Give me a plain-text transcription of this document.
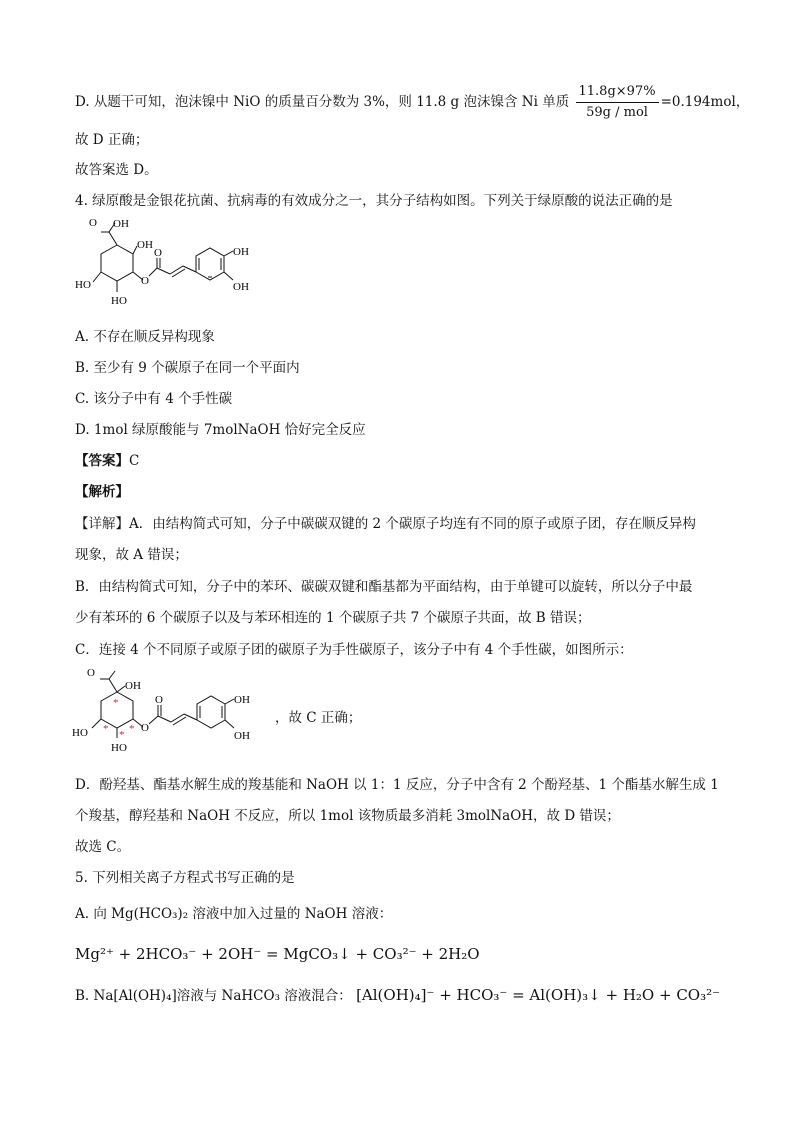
D. 从题干可知，泡沫镍中 NiO 的质量百分数为 3%，则 11.8 g 泡沫镍含 Ni 单质 $\frac{11.8g\times 97\%}{\text{59g / mol}} =0.194mol$，
故 D 正确；
故答案选 D。
4. 绿原酸是金银花抗菌、抗病毒的有效成分之一，其分子结构如图。下列关于绿原酸的说法正确的是
OH
OH
O
HO
HO
O
O	OH
OH
A. 不存在顺反异构现象
B. 至少有 9 个碳原子在同一个平面内
C. 该分子中有 4 个手性碳
D. 1mol 绿原酸能与 7molNaOH 恰好完全反应
【答案】C
【解析】
【详解】A．由结构简式可知，分子中碳碳双键的 2 个碳原子均连有不同的原子或原子团，存在顺反异构
现象，故 A 错误；
B．由结构简式可知，分子中的苯环、碳碳双键和酯基都为平面结构，由于单键可以旋转，所以分子中最
少有苯环的 6 个碳原子以及与苯环相连的 1 个碳原子共 7 个碳原子共面，故 B 错误；
C．连接 4 个不同原子或原子团的碳原子为手性碳原子，该分子中有 4 个手性碳，如图所示：
OH
O
HO
HO
O
O	OH
OH
*
* * *
，故 C 正确；
D．酚羟基、酯基水解生成的羧基能和 NaOH 以 1：1 反应，分子中含有 2 个酚羟基、1 个酯基水解生成 1
个羧基，醇羟基和 NaOH 不反应，所以 1mol 该物质最多消耗 3molNaOH，故 D 错误；
故选 C。
5. 下列相关离子方程式书写正确的是
A. 向 Mg(HCO₃)₂ 溶液中加入过量的 NaOH 溶液：
Mg²⁺ + 2HCO₃⁻ + 2OH⁻ = MgCO₃↓ + CO₃²⁻ + 2H₂O
B. Na[Al(OH)₄]溶液与 NaHCO₃ 溶液混合： [Al(OH)₄]⁻ + HCO₃⁻ = Al(OH)₃↓ + H₂O + CO₃²⁻
